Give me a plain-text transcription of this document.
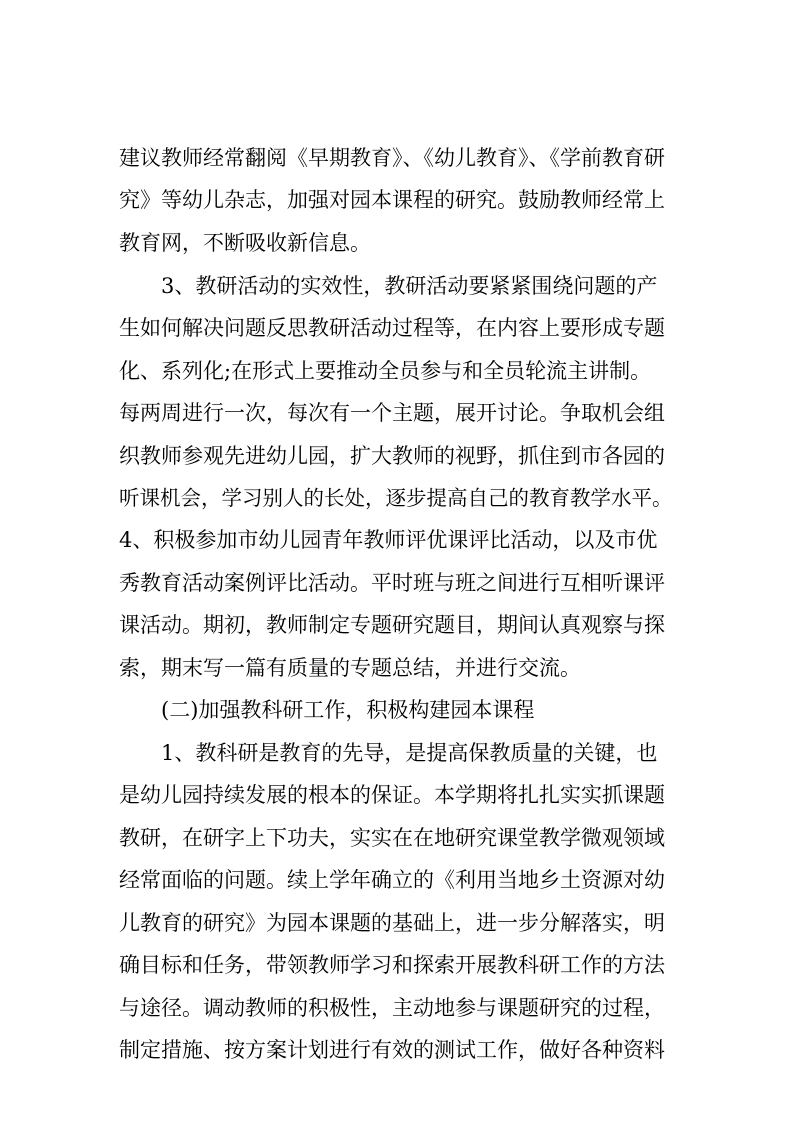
建议教师经常翻阅《早期教育》、《幼儿教育》、《学前教育研
究》等幼儿杂志，加强对园本课程的研究。鼓励教师经常上
教育网，不断吸收新信息。
3、教研活动的实效性，教研活动要紧紧围绕问题的产
生如何解决问题反思教研活动过程等，在内容上要形成专题
化、系列化;在形式上要推动全员参与和全员轮流主讲制。
每两周进行一次，每次有一个主题，展开讨论。争取机会组
织教师参观先进幼儿园，扩大教师的视野，抓住到市各园的
听课机会，学习别人的长处，逐步提高自己的教育教学水平。
4、积极参加市幼儿园青年教师评优课评比活动，以及市优
秀教育活动案例评比活动。平时班与班之间进行互相听课评
课活动。期初，教师制定专题研究题目，期间认真观察与探
索，期末写一篇有质量的专题总结，并进行交流。
(二)加强教科研工作，积极构建园本课程
1、教科研是教育的先导，是提高保教质量的关键，也
是幼儿园持续发展的根本的保证。本学期将扎扎实实抓课题
教研，在研字上下功夫，实实在在地研究课堂教学微观领域
经常面临的问题。续上学年确立的《利用当地乡土资源对幼
儿教育的研究》为园本课题的基础上，进一步分解落实，明
确目标和任务，带领教师学习和探索开展教科研工作的方法
与途径。调动教师的积极性，主动地参与课题研究的过程，
制定措施、按方案计划进行有效的测试工作，做好各种资料
